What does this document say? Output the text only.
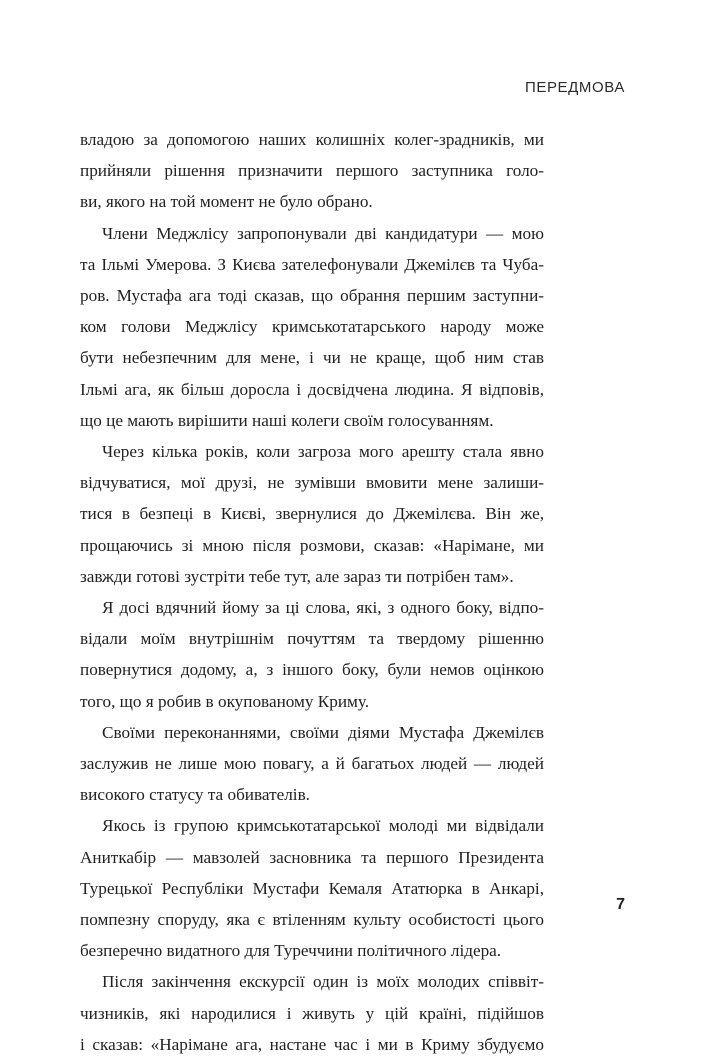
ПЕРЕДМОВА

владою за допомогою наших колишніх колег-зрадників, ми
прийняли рішення призначити першого заступника голо-
ви, якого на той момент не було обрано.

Члени Меджлісу запропонували дві кандидатури — мою
та Ільмі Умерова. З Києва зателефонували Джемілєв та Чуба-
ров. Мустафа ага тоді сказав, що обрання першим заступни-
ком голови Меджлісу кримськотатарського народу може
бути небезпечним для мене, і чи не краще, щоб ним став
Ільмі ага, як більш доросла і досвідчена людина. Я відповів,
що це мають вирішити наші колеги своїм голосуванням.

Через кілька років, коли загроза мого арешту стала явно
відчуватися, мої друзі, не зумівши вмовити мене залиши-
тися в безпеці в Києві, звернулися до Джемілєва. Він же,
прощаючись зі мною після розмови, сказав: «Нарімане, ми
завжди готові зустріти тебе тут, але зараз ти потрібен там».

Я досі вдячний йому за ці слова, які, з одного боку, відпо-
відали моїм внутрішнім почуттям та твердому рішенню
повернутися додому, а, з іншого боку, були немов оцінкою
того, що я робив в окупованому Криму.

Своїми переконаннями, своїми діями Мустафа Джемілєв
заслужив не лише мою повагу, а й багатьох людей — людей
високого статусу та обивателів.

Якось із групою кримськотатарської молоді ми відвідали
Аниткабір — мавзолей засновника та першого Президента
Турецької Республіки Мустафи Кемаля Ататюрка в Анкарі,
помпезну споруду, яка є втіленням культу особистості цього
безперечно видатного для Туреччини політичного лідера.

Після закінчення екскурсії один із моїх молодих співвіт-
чизників, які народилися і живуть у цій країні, підійшов
і сказав: «Нарімане ага, настане час і ми в Криму збудуємо

7
